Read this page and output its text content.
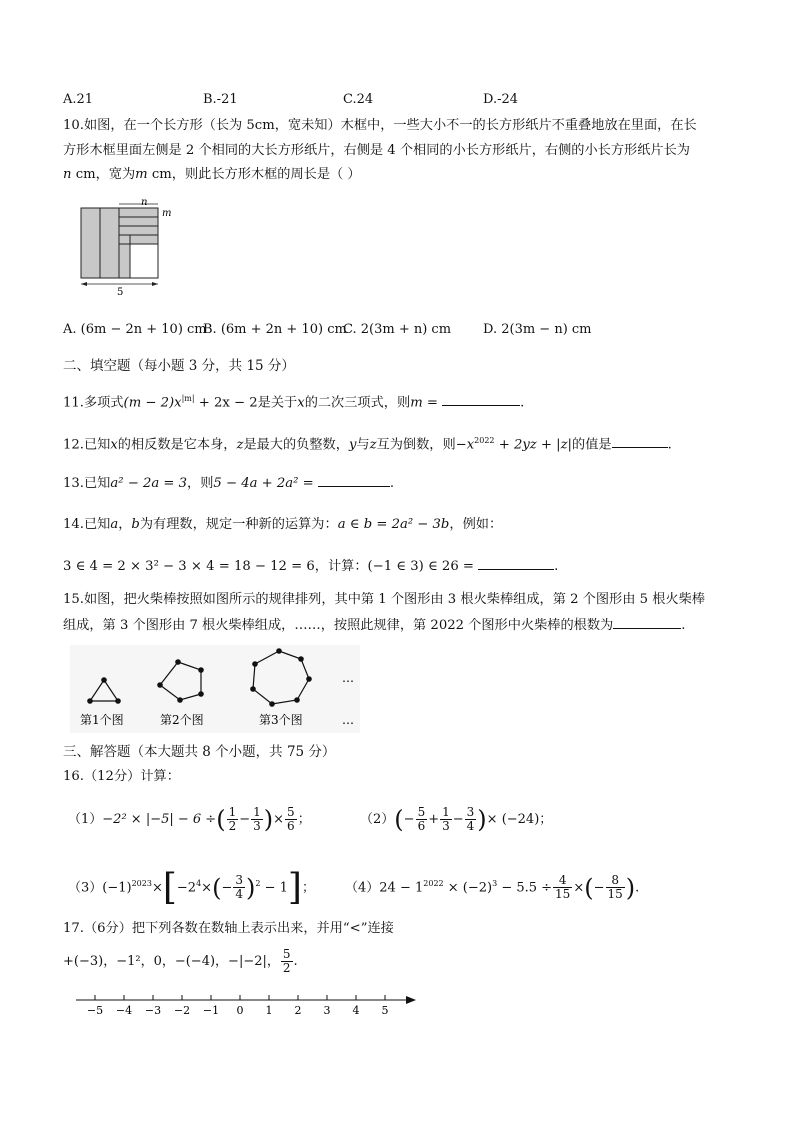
A.21	B.-21	C.24	D.-24
10.如图，在一个长方形（长为 5cm，宽未知）木框中，一些大小不一的长方形纸片不重叠地放在里面，在长
方形木框里面左侧是 2 个相同的大长方形纸片，右侧是 4 个相同的小长方形纸片，右侧的小长方形纸片长为
n cm，宽为m cm，则此长方形木框的周长是（ ）
n
m
5
A. (6m − 2n + 10) cm
B. (6m + 2n + 10) cm
C. 2(3m + n) cm D. 2(3m − n) cm
二、填空题（每小题 3 分，共 15 分）
11.多项式$(m - 2)x^{|m|} + 2x - 2$是关于x的二次三项式，则m =	.
12.已知x的相反数是它本身，z是最大的负整数，y与z互为倒数，则$-x^{2022} + 2yz + |z|$的值是	.
13.已知a² − 2a = 3，则5 − 4a + 2a² =	.
14.已知a，b为有理数，规定一种新的运算为：a ∈ b = 2a² − 3b，例如：
3 ∈ 4 = 2 × 3² − 3 × 4 = 18 − 12 = 6，计算：(−1 ∈ 3) ∈ 26 =	.
15.如图，把火柴棒按照如图所示的规律排列，其中第 1 个图形由 3 根火柴棒组成，第 2 个图形由 5 根火柴棒
组成，第 3 个图形由 7 根火柴棒组成，……，按照此规律，第 2022 个图形中火柴棒的根数为	.
…
第1个图	第2个图	第3个图	…
三、解答题（本大题共 8 个小题，共 75 分）
16.（12分）计算：
（1）−2² × |−5| − 6 ÷( $\frac{1}{2} - \frac{1}{3}$ )× $\frac{5}{6}$ ；	$(2)(- \frac{5}{6} + \frac{1}{3} - \frac{3}{4}$ )× (−24)；
$(3)(-1)^{2023}\times[-2^4\times(- \frac{3}{4} )^2 - 1]$； $(4)24 - 1^{2022} \times (-2)^3 - 5.5 \div \frac{4}{15}$ ×(− $\frac{8}{15}$ ).
17.（6分）把下列各数在数轴上表示出来，并用“<”连接
+(−3)，−1²，0，−(−4)，−|−2|， $\frac{5}{2}$ .
−5 −4 −3 −2 −1 0 1 2 3 4 5
